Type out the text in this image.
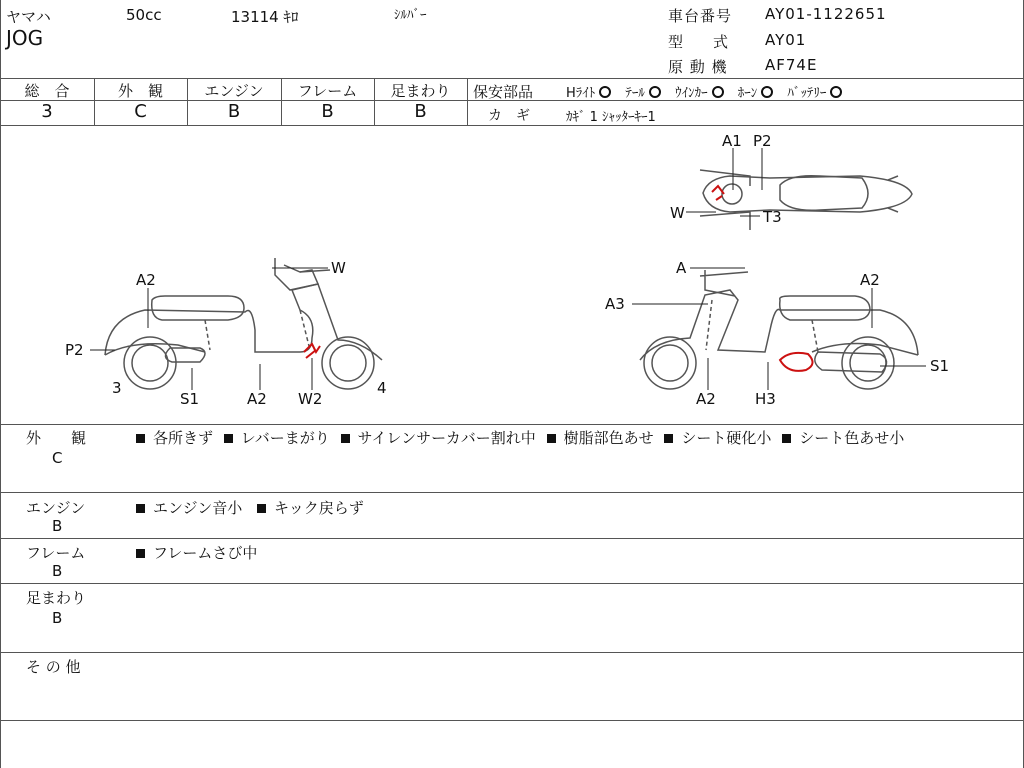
ヤマハ	50cc	13114 ｷﾛ	ｼﾙﾊﾞｰ
JOG
車台番号 AY01-1122651
型　　式 AY01
原 動 機 AF74E
総　合
3
外　観
C
エンジン
B
フレーム
B
足まわり
B
保安部品	Hﾗｲﾄ ﾃｰﾙ ｳｲﾝｶｰ ﾎｰﾝ ﾊﾞｯﾃﾘｰ
カ　ギ	ｶｷﾞ 1 ｼｬｯﾀｰｷｰ1
W
A2
P2
3
S1	A2 W2
4
A
A2
A3
S1
A2	H3
A1 P2
W	T3
外　　観
C
各所きず レバーまがり サイレンサーカバー割れ中 樹脂部色あせ シート硬化小 シート色あせ小
エンジン
B
エンジン音小 キック戻らず
フレーム
B
フレームさび中
足まわり
B
そ の 他
